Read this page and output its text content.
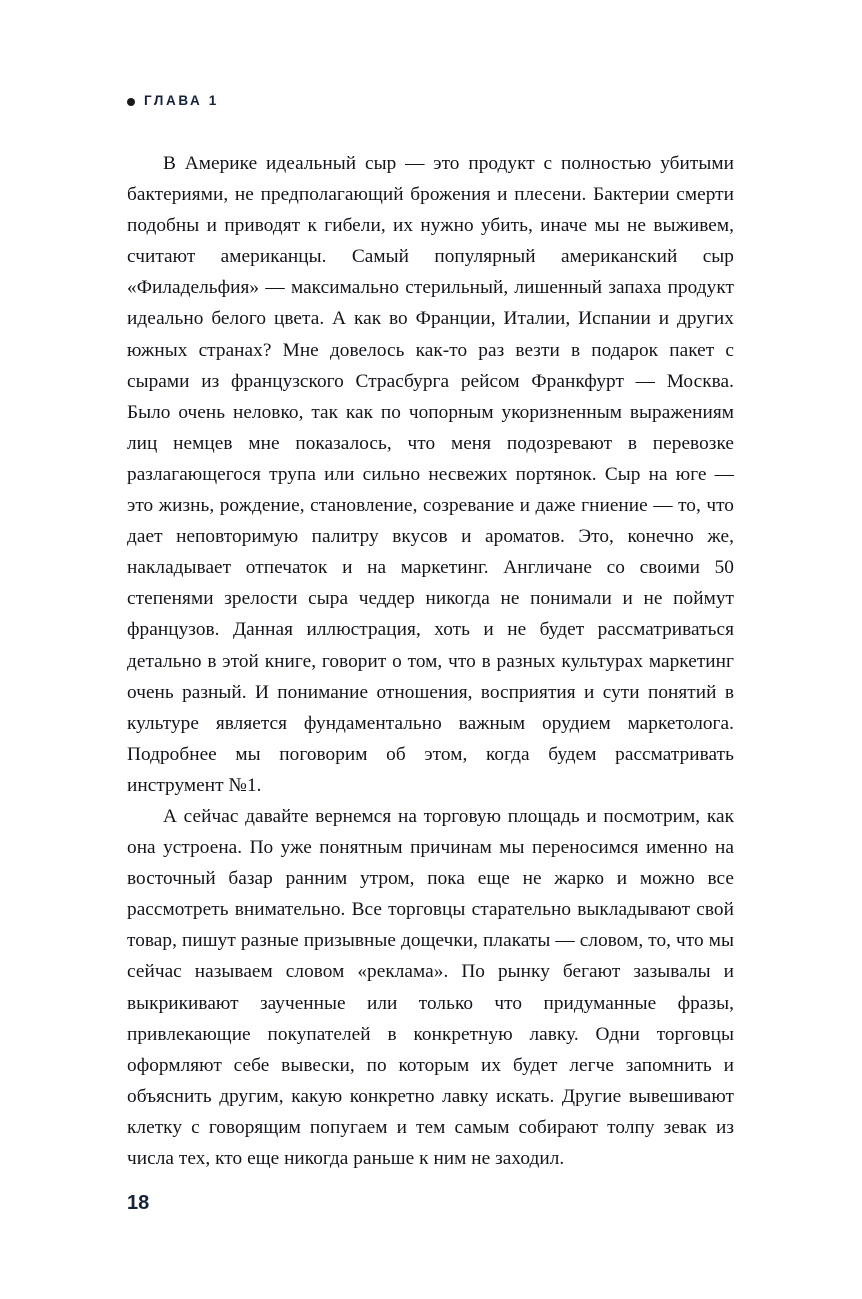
ГЛАВА 1

В Америке идеальный сыр — это продукт с полностью убитыми бактериями, не предполагающий брожения и плесени. Бактерии смерти подобны и приводят к гибели, их нужно убить, иначе мы не выживем, считают американцы. Самый популярный американский сыр «Филадельфия» — максимально стерильный, лишенный запаха продукт идеально белого цвета. А как во Франции, Италии, Испании и других южных странах? Мне довелось как-то раз везти в подарок пакет с сырами из французского Страсбурга рейсом Франкфурт — Москва. Было очень неловко, так как по чопорным укоризненным выражениям лиц немцев мне показалось, что меня подозревают в перевозке разлагающегося трупа или сильно несвежих портянок. Сыр на юге — это жизнь, рождение, становление, созревание и даже гниение — то, что дает неповторимую палитру вкусов и ароматов. Это, конечно же, накладывает отпечаток и на маркетинг. Англичане со своими 50 степенями зрелости сыра чеддер никогда не понимали и не поймут французов. Данная иллюстрация, хоть и не будет рассматриваться детально в этой книге, говорит о том, что в разных культурах маркетинг очень разный. И понимание отношения, восприятия и сути понятий в культуре является фундаментально важным орудием маркетолога. Подробнее мы поговорим об этом, когда будем рассматривать инструмент №1.

А сейчас давайте вернемся на торговую площадь и посмотрим, как она устроена. По уже понятным причинам мы переносимся именно на восточный базар ранним утром, пока еще не жарко и можно все рассмотреть внимательно. Все торговцы старательно выкладывают свой товар, пишут разные призывные дощечки, плакаты — словом, то, что мы сейчас называем словом «реклама». По рынку бегают зазывалы и выкрикивают заученные или только что придуманные фразы, привлекающие покупателей в конкретную лавку. Одни торговцы оформляют себе вывески, по которым их будет легче запомнить и объяснить другим, какую конкретно лавку искать. Другие вывешивают клетку с говорящим попугаем и тем самым собирают толпу зевак из числа тех, кто еще никогда раньше к ним не заходил.

18
